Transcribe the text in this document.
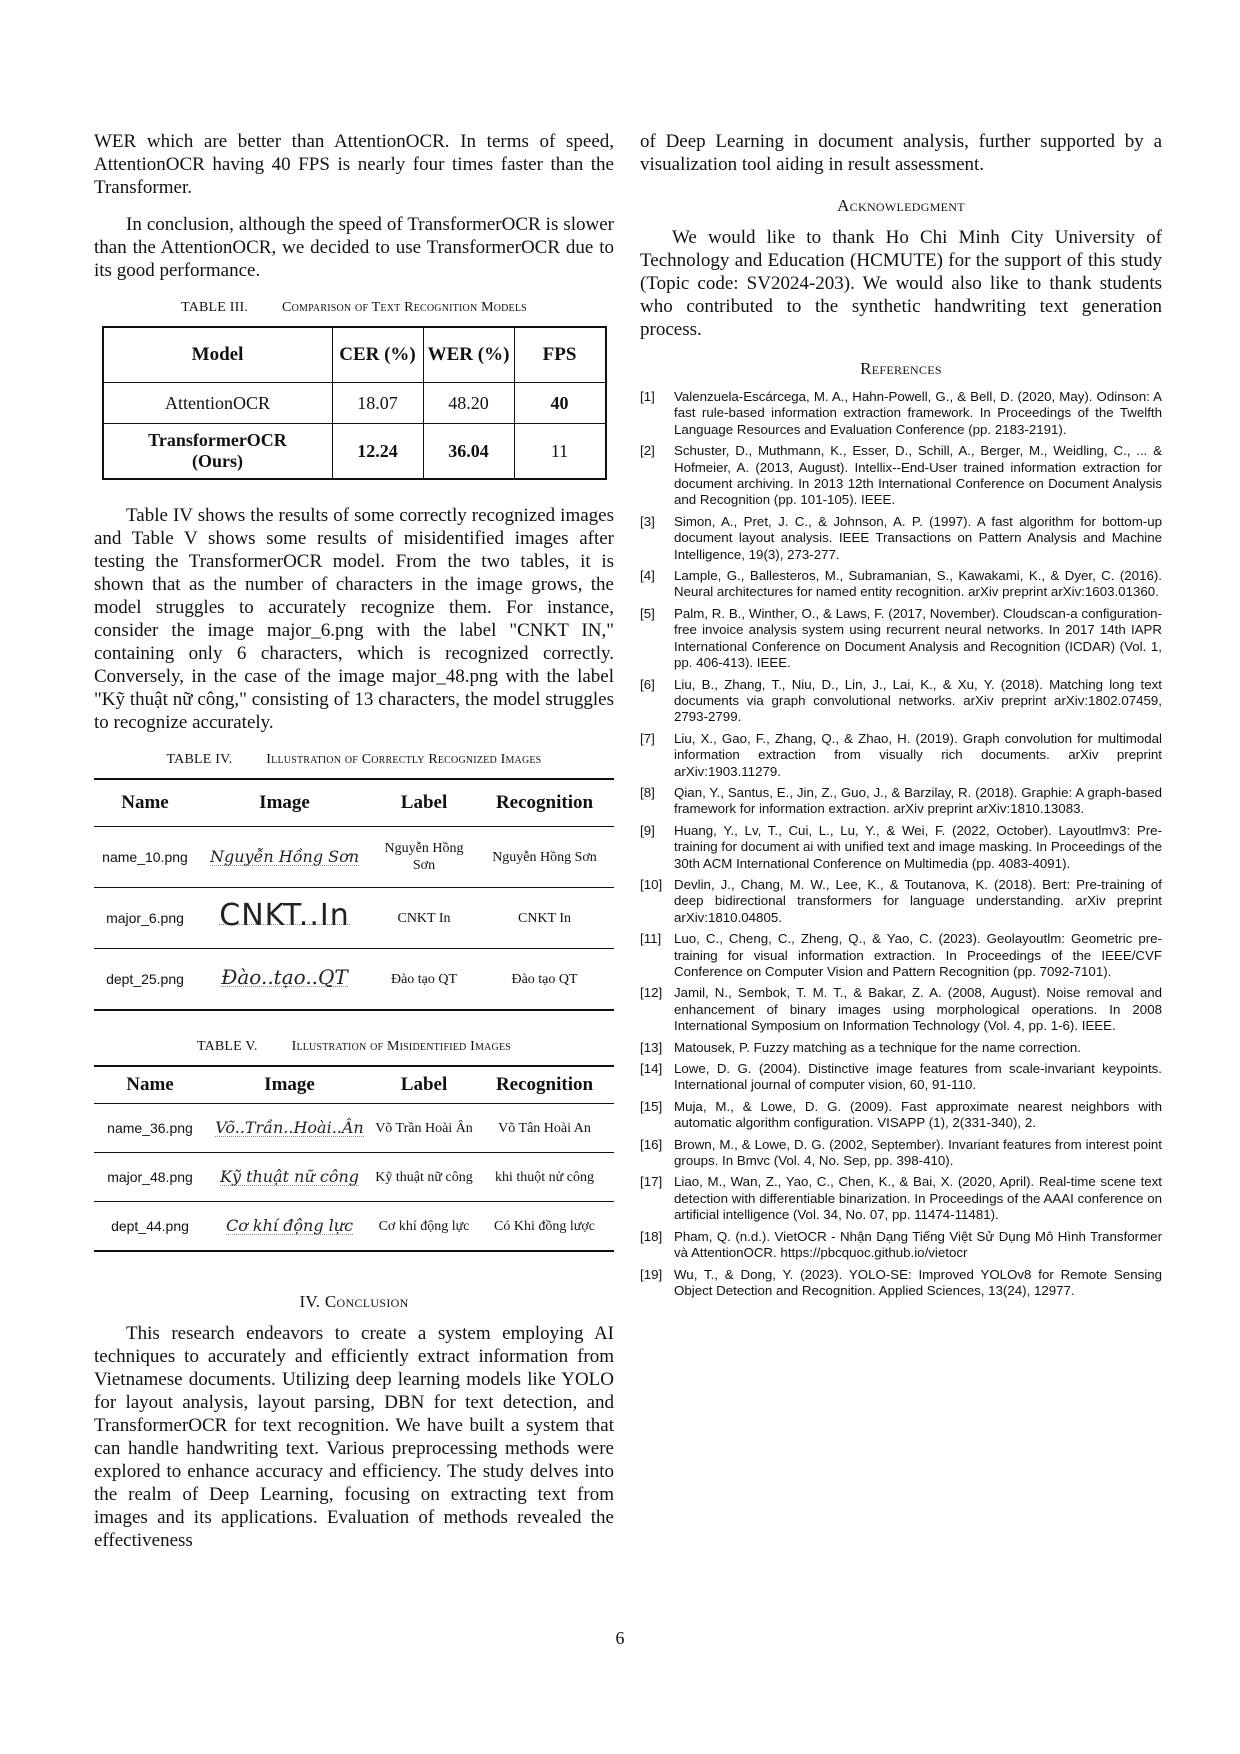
WER which are better than AttentionOCR. In terms of speed, AttentionOCR having 40 FPS is nearly four times faster than the Transformer.

In conclusion, although the speed of TransformerOCR is slower than the AttentionOCR, we decided to use TransformerOCR due to its good performance.

TABLE III. Comparison of Text Recognition Models
Model	CER (%)	WER (%)	FPS
AttentionOCR	18.07	48.20	40
TransformerOCR (Ours)	12.24	36.04	11

Table IV shows the results of some correctly recognized images and Table V shows some results of misidentified images after testing the TransformerOCR model. From the two tables, it is shown that as the number of characters in the image grows, the model struggles to accurately recognize them. For instance, consider the image major_6.png with the label "CNKT IN," containing only 6 characters, which is recognized correctly. Conversely, in the case of the image major_48.png with the label "Kỹ thuật nữ công," consisting of 13 characters, the model struggles to recognize accurately.

TABLE IV. Illustration of Correctly Recognized Images
Name	Image	Label	Recognition
name_10.png	Nguyễn Hồng Sơn	Nguyễn Hồng Sơn	Nguyễn Hồng Sơn
major_6.png	CNKT..In	CNKT In	CNKT In
dept_25.png	Đào..tạo..QT	Đào tạo QT	Đào tạo QT
TABLE V. Illustration of Misidentified Images
Name	Image	Label	Recognition
name_36.png	Võ..Trần..Hoài..Ân	Võ Trần Hoài Ân	Võ Tân Hoài An
major_48.png	Kỹ thuật nữ công	Kỹ thuật nữ công	khi thuột nử công
dept_44.png	Cơ khí động lực	Cơ khí động lực	Có Khi đồng lược
IV. Conclusion

This research endeavors to create a system employing AI techniques to accurately and efficiently extract information from Vietnamese documents. Utilizing deep learning models like YOLO for layout analysis, layout parsing, DBN for text detection, and TransformerOCR for text recognition. We have built a system that can handle handwriting text. Various preprocessing methods were explored to enhance accuracy and efficiency. The study delves into the realm of Deep Learning, focusing on extracting text from images and its applications. Evaluation of methods revealed the effectiveness

of Deep Learning in document analysis, further supported by a visualization tool aiding in result assessment.

Acknowledgment

We would like to thank Ho Chi Minh City University of Technology and Education (HCMUTE) for the support of this study (Topic code: SV2024-203). We would also like to thank students who contributed to the synthetic handwriting text generation process.

References
[1] Valenzuela-Escárcega, M. A., Hahn-Powell, G., & Bell, D. (2020, May). Odinson: A fast rule-based information extraction framework. In Proceedings of the Twelfth Language Resources and Evaluation Conference (pp. 2183-2191).
[2] Schuster, D., Muthmann, K., Esser, D., Schill, A., Berger, M., Weidling, C., ... & Hofmeier, A. (2013, August). Intellix--End-User trained information extraction for document archiving. In 2013 12th International Conference on Document Analysis and Recognition (pp. 101-105). IEEE.
[3] Simon, A., Pret, J. C., & Johnson, A. P. (1997). A fast algorithm for bottom-up document layout analysis. IEEE Transactions on Pattern Analysis and Machine Intelligence, 19(3), 273-277.
[4] Lample, G., Ballesteros, M., Subramanian, S., Kawakami, K., & Dyer, C. (2016). Neural architectures for named entity recognition. arXiv preprint arXiv:1603.01360.
[5] Palm, R. B., Winther, O., & Laws, F. (2017, November). Cloudscan-a configuration-free invoice analysis system using recurrent neural networks. In 2017 14th IAPR International Conference on Document Analysis and Recognition (ICDAR) (Vol. 1, pp. 406-413). IEEE.
[6] Liu, B., Zhang, T., Niu, D., Lin, J., Lai, K., & Xu, Y. (2018). Matching long text documents via graph convolutional networks. arXiv preprint arXiv:1802.07459, 2793-2799.
[7] Liu, X., Gao, F., Zhang, Q., & Zhao, H. (2019). Graph convolution for multimodal information extraction from visually rich documents. arXiv preprint arXiv:1903.11279.
[8] Qian, Y., Santus, E., Jin, Z., Guo, J., & Barzilay, R. (2018). Graphie: A graph-based framework for information extraction. arXiv preprint arXiv:1810.13083.
[9] Huang, Y., Lv, T., Cui, L., Lu, Y., & Wei, F. (2022, October). Layoutlmv3: Pre-training for document ai with unified text and image masking. In Proceedings of the 30th ACM International Conference on Multimedia (pp. 4083-4091).
[10] Devlin, J., Chang, M. W., Lee, K., & Toutanova, K. (2018). Bert: Pre-training of deep bidirectional transformers for language understanding. arXiv preprint arXiv:1810.04805.
[11] Luo, C., Cheng, C., Zheng, Q., & Yao, C. (2023). Geolayoutlm: Geometric pre-training for visual information extraction. In Proceedings of the IEEE/CVF Conference on Computer Vision and Pattern Recognition (pp. 7092-7101).
[12] Jamil, N., Sembok, T. M. T., & Bakar, Z. A. (2008, August). Noise removal and enhancement of binary images using morphological operations. In 2008 International Symposium on Information Technology (Vol. 4, pp. 1-6). IEEE.
[13] Matousek, P. Fuzzy matching as a technique for the name correction.
[14] Lowe, D. G. (2004). Distinctive image features from scale-invariant keypoints. International journal of computer vision, 60, 91-110.
[15] Muja, M., & Lowe, D. G. (2009). Fast approximate nearest neighbors with automatic algorithm configuration. VISAPP (1), 2(331-340), 2.
[16] Brown, M., & Lowe, D. G. (2002, September). Invariant features from interest point groups. In Bmvc (Vol. 4, No. Sep, pp. 398-410).
[17] Liao, M., Wan, Z., Yao, C., Chen, K., & Bai, X. (2020, April). Real-time scene text detection with differentiable binarization. In Proceedings of the AAAI conference on artificial intelligence (Vol. 34, No. 07, pp. 11474-11481).
[18] Pham, Q. (n.d.). VietOCR - Nhận Dạng Tiếng Việt Sử Dụng Mô Hình Transformer và AttentionOCR. https://pbcquoc.github.io/vietocr
[19] Wu, T., & Dong, Y. (2023). YOLO-SE: Improved YOLOv8 for Remote Sensing Object Detection and Recognition. Applied Sciences, 13(24), 12977.
6
